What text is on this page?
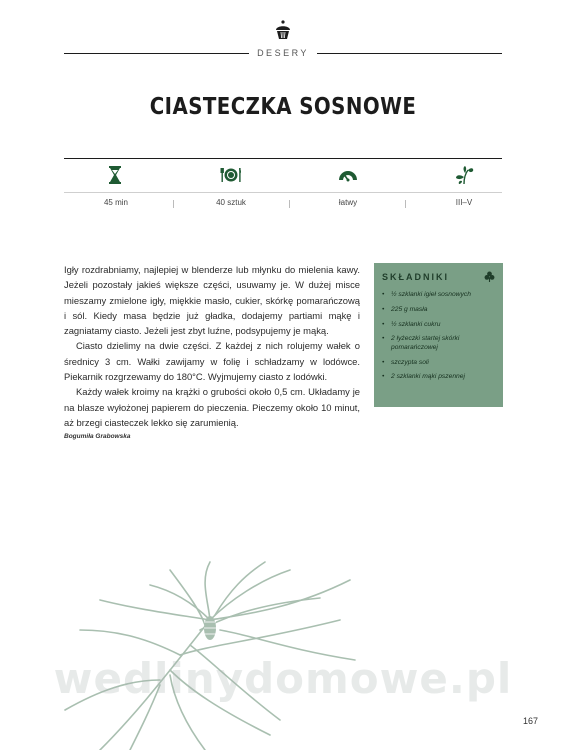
DESERY
CIASTECZKA SOSNOWE
45 min	40 sztuk	łatwy	III–V

Igły rozdrabniamy, najlepiej w blenderze lub młynku do mielenia kawy. Jeżeli pozostały jakieś większe części, usuwamy je. W dużej misce mieszamy zmielone igły, miękkie masło, cukier, skórkę pomarańczową i sól. Kiedy masa będzie już gładka, dodajemy partiami mąkę i zagniatamy ciasto. Jeżeli jest zbyt luźne, podsypujemy je mąką.

Ciasto dzielimy na dwie części. Z każdej z nich rolujemy wałek o średnicy 3 cm. Wałki zawijamy w folię i schładzamy w lodówce. Piekarnik rozgrzewamy do 180°C. Wyjmujemy ciasto z lodówki.

Każdy wałek kroimy na krążki o grubości około 0,5 cm. Układamy je na blasze wyłożonej papierem do pieczenia. Pieczemy około 10 minut, aż brzegi ciasteczek lekko się zarumienią.

Bogumiła Grabowska
SKŁADNIKI
• ½ szklanki igieł sosnowych
• 225 g masła
• ½ szklanki cukru
• 2 łyżeczki startej skórki pomarańczowej
• szczypta soli
• 2 szklanki mąki pszennej
wedlinydomowe.pl
167
